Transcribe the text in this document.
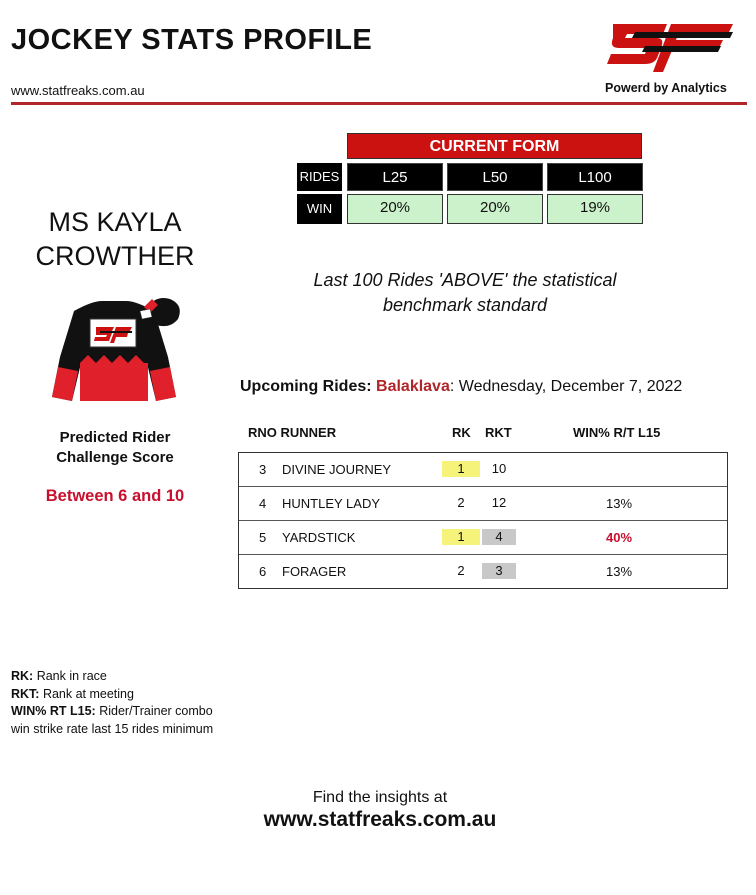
JOCKEY STATS PROFILE
www.statfreaks.com.au	Powerd by Analytics
CURRENT FORM
RIDES	L25	L50	L100
WIN	20%	20%	19%
MS KAYLA
CROWTHER
Predicted Rider
Challenge Score
Between 6 and 10
Last 100 Rides 'ABOVE' the statistical
benchmark standard
Upcoming Rides: Balaklava: Wednesday, December 7, 2022
RNO RUNNER	RK RKT	WIN% R/T L15
3 DIVINE JOURNEY	1	10
4 HUNTLEY LADY	2	12	13%
5 YARDSTICK	1	4	40%
6 FORAGER	2	3	13%
RK: Rank in race
RKT: Rank at meeting
WIN% RT L15: Rider/Trainer combo win strike rate last 15 rides minimum
Find the insights at
www.statfreaks.com.au
